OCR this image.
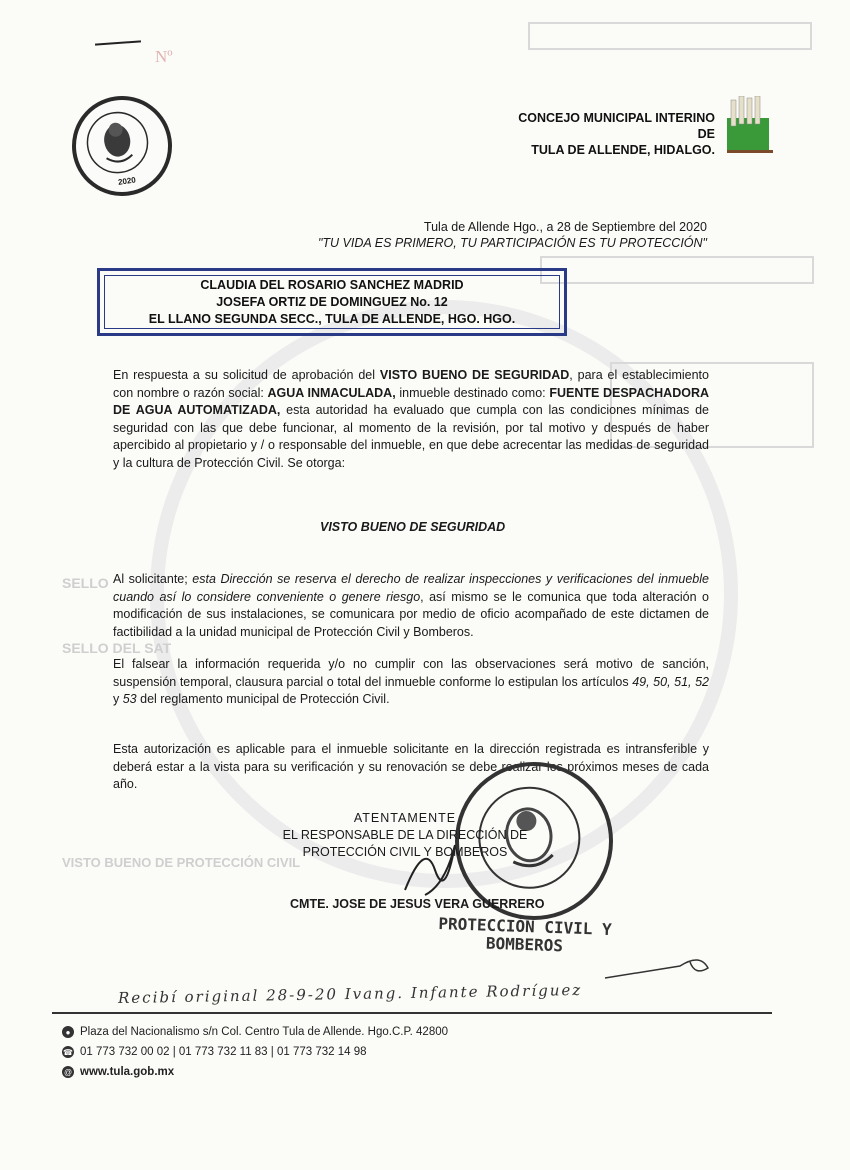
SELLO
SELLO DEL SAT
VISTO BUENO DE PROTECCIÓN CIVIL
Nº
2020
CONCEJO MUNICIPAL INTERINO DE
TULA DE ALLENDE, HIDALGO.
Tula de Allende Hgo., a 28 de Septiembre del 2020
"TU VIDA ES PRIMERO, TU PARTICIPACIÓN ES TU PROTECCIÓN"
CLAUDIA DEL ROSARIO SANCHEZ MADRID
JOSEFA ORTIZ DE DOMINGUEZ No. 12
EL LLANO SEGUNDA SECC., TULA DE ALLENDE, HGO. HGO.
En respuesta a su solicitud de aprobación del VISTO BUENO DE SEGURIDAD, para el establecimiento con nombre o razón social: AGUA INMACULADA, inmueble destinado como: FUENTE DESPACHADORA DE AGUA AUTOMATIZADA, esta autoridad ha evaluado que cumpla con las condiciones mínimas de seguridad con las que debe funcionar, al momento de la revisión, por tal motivo y después de haber apercibido al propietario y / o responsable del inmueble, en que debe acrecentar las medidas de seguridad y la cultura de Protección Civil. Se otorga:
VISTO BUENO DE SEGURIDAD
Al solicitante; esta Dirección se reserva el derecho de realizar inspecciones y verificaciones del inmueble cuando así lo considere conveniente o genere riesgo, así mismo se le comunica que toda alteración o modificación de sus instalaciones, se comunicara por medio de oficio acompañado de este dictamen de factibilidad a la unidad municipal de Protección Civil y Bomberos.
El falsear la información requerida y/o no cumplir con las observaciones será motivo de sanción, suspensión temporal, clausura parcial o total del inmueble conforme lo estipulan los artículos 49, 50, 51, 52 y 53 del reglamento municipal de Protección Civil.
Esta autorización es aplicable para el inmueble solicitante en la dirección registrada es intransferible y deberá estar a la vista para su verificación y su renovación se debe realizar los próximos meses de cada año.
ATENTAMENTE
EL RESPONSABLE DE LA DIRECCIÓN DE
PROTECCIÓN CIVIL Y BOMBEROS
CMTE. JOSE DE JESUS VERA GUERRERO
PROTECCIÓN CIVIL Y
BOMBEROS
Recibí original 28-9-20 Ivang. Infante Rodríguez
● Plaza del Nacionalismo s/n Col. Centro Tula de Allende. Hgo.C.P. 42800
☎ 01 773 732 00 02 | 01 773 732 11 83 | 01 773 732 14 98
@ www.tula.gob.mx
